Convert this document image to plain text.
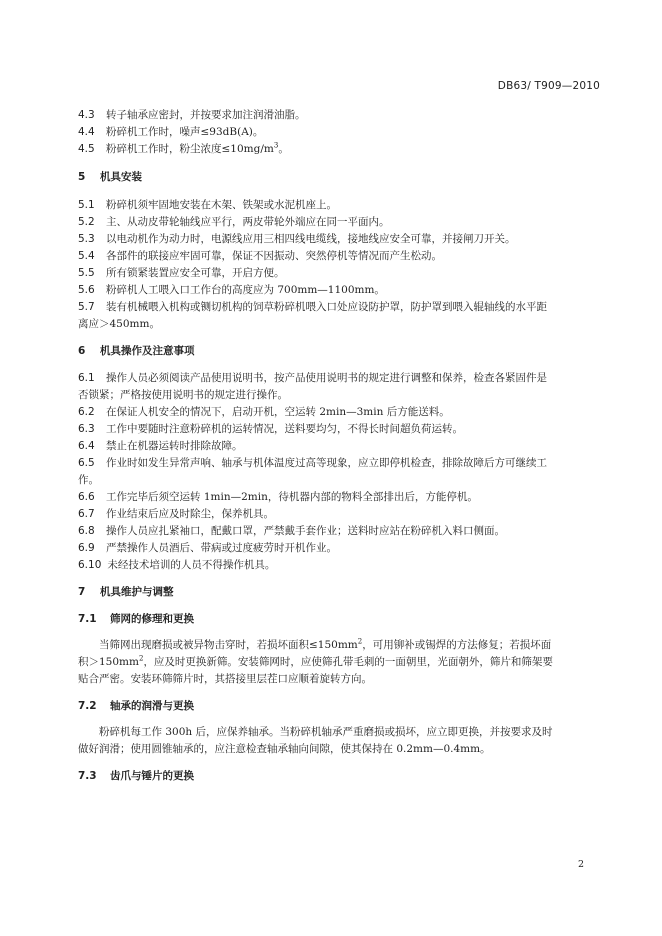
DB63/ T909—2010

4.3 转子轴承应密封，并按要求加注润滑油脂。

4.4 粉碎机工作时，噪声≤93dB(A)。

4.5 粉碎机工作时，粉尘浓度$\le 10mg/m^3$。

5 机具安装

5.1 粉碎机须牢固地安装在木架、铁架或水泥机座上。

5.2 主、从动皮带轮轴线应平行，两皮带轮外端应在同一平面内。

5.3 以电动机作为动力时，电源线应用三相四线电缆线，接地线应安全可靠，并接闸刀开关。

5.4 各部件的联接应牢固可靠，保证不因振动、突然停机等情况而产生松动。

5.5 所有锁紧装置应安全可靠，开启方便。

5.6 粉碎机人工喂入口工作台的高度应为 700mm—1100mm。

5.7 装有机械喂入机构或铡切机构的饲草粉碎机喂入口处应设防护罩，防护罩到喂入辊轴线的水平距

离应＞450mm。

6 机具操作及注意事项

6.1 操作人员必须阅读产品使用说明书，按产品使用说明书的规定进行调整和保养，检查各紧固件是

否锁紧；严格按使用说明书的规定进行操作。

6.2 在保证人机安全的情况下，启动开机，空运转 2min—3min 后方能送料。

6.3 工作中要随时注意粉碎机的运转情况，送料要均匀，不得长时间超负荷运转。

6.4 禁止在机器运转时排除故障。

6.5 作业时如发生异常声响、轴承与机体温度过高等现象，应立即停机检查，排除故障后方可继续工

作。

6.6 工作完毕后须空运转 1min—2min，待机器内部的物料全部排出后，方能停机。

6.7 作业结束后应及时除尘，保养机具。

6.8 操作人员应扎紧袖口，配戴口罩，严禁戴手套作业；送料时应站在粉碎机入料口侧面。

6.9 严禁操作人员酒后、带病或过度疲劳时开机作业。

6.10 未经技术培训的人员不得操作机具。

7 机具维护与调整

7.1 筛网的修理和更换

当筛网出现磨损或被异物击穿时，若损坏面积$\le 150mm^2$，可用铆补或锡焊的方法修复；若损坏面

积$>150mm^2$，应及时更换新筛。安装筛网时，应使筛孔带毛刺的一面朝里，光面朝外，筛片和筛架要

贴合严密。安装环筛筛片时，其搭接里层茬口应顺着旋转方向。

7.2 轴承的润滑与更换

粉碎机每工作 300h 后，应保养轴承。当粉碎机轴承严重磨损或损坏，应立即更换，并按要求及时

做好润滑；使用圆锥轴承的，应注意检查轴承轴向间隙，使其保持在 0.2mm—0.4mm。

7.3 齿爪与锤片的更换

2
